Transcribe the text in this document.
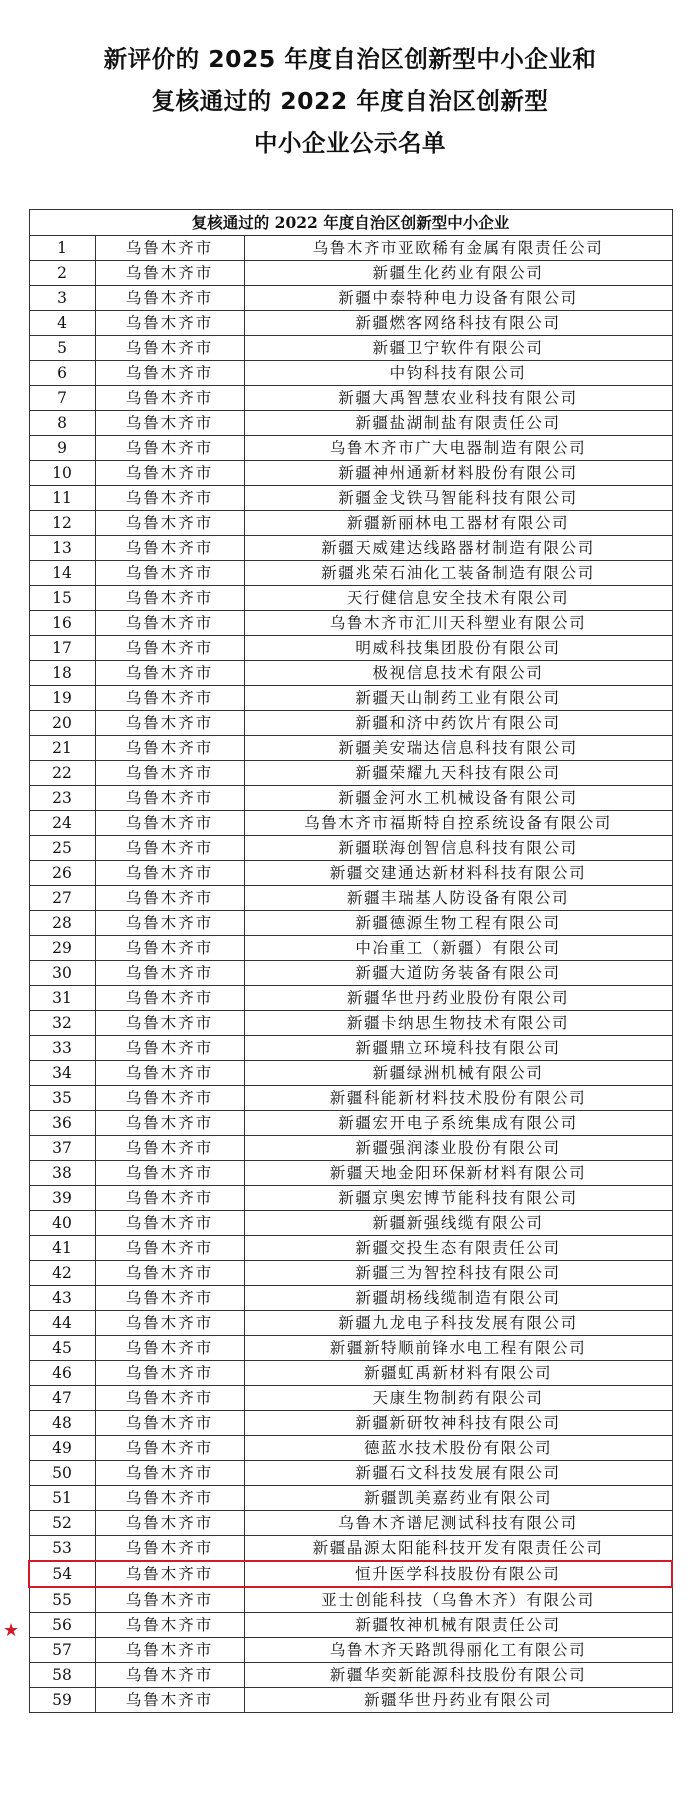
新评价的 2025 年度自治区创新型中小企业和
复核通过的 2022 年度自治区创新型
中小企业公示名单
复核通过的 2022 年度自治区创新型中小企业		
1	乌鲁木齐市	乌鲁木齐市亚欧稀有金属有限责任公司
2	乌鲁木齐市	新疆生化药业有限公司
3	乌鲁木齐市	新疆中泰特种电力设备有限公司
4	乌鲁木齐市	新疆燃客网络科技有限公司
5	乌鲁木齐市	新疆卫宁软件有限公司
6	乌鲁木齐市	中钧科技有限公司
7	乌鲁木齐市	新疆大禹智慧农业科技有限公司
8	乌鲁木齐市	新疆盐湖制盐有限责任公司
9	乌鲁木齐市	乌鲁木齐市广大电器制造有限公司
10	乌鲁木齐市	新疆神州通新材料股份有限公司
11	乌鲁木齐市	新疆金戈铁马智能科技有限公司
12	乌鲁木齐市	新疆新丽林电工器材有限公司
13	乌鲁木齐市	新疆天威建达线路器材制造有限公司
14	乌鲁木齐市	新疆兆荣石油化工装备制造有限公司
15	乌鲁木齐市	天行健信息安全技术有限公司
16	乌鲁木齐市	乌鲁木齐市汇川天科塑业有限公司
17	乌鲁木齐市	明威科技集团股份有限公司
18	乌鲁木齐市	极视信息技术有限公司
19	乌鲁木齐市	新疆天山制药工业有限公司
20	乌鲁木齐市	新疆和济中药饮片有限公司
21	乌鲁木齐市	新疆美安瑞达信息科技有限公司
22	乌鲁木齐市	新疆荣耀九天科技有限公司
23	乌鲁木齐市	新疆金河水工机械设备有限公司
24	乌鲁木齐市	乌鲁木齐市福斯特自控系统设备有限公司
25	乌鲁木齐市	新疆联海创智信息科技有限公司
26	乌鲁木齐市	新疆交建通达新材料科技有限公司
27	乌鲁木齐市	新疆丰瑞基人防设备有限公司
28	乌鲁木齐市	新疆德源生物工程有限公司
29	乌鲁木齐市	中冶重工（新疆）有限公司
30	乌鲁木齐市	新疆大道防务装备有限公司
31	乌鲁木齐市	新疆华世丹药业股份有限公司
32	乌鲁木齐市	新疆卡纳思生物技术有限公司
33	乌鲁木齐市	新疆鼎立环境科技有限公司
34	乌鲁木齐市	新疆绿洲机械有限公司
35	乌鲁木齐市	新疆科能新材料技术股份有限公司
36	乌鲁木齐市	新疆宏开电子系统集成有限公司
37	乌鲁木齐市	新疆强润漆业股份有限公司
38	乌鲁木齐市	新疆天地金阳环保新材料有限公司
39	乌鲁木齐市	新疆京奥宏博节能科技有限公司
40	乌鲁木齐市	新疆新强线缆有限公司
41	乌鲁木齐市	新疆交投生态有限责任公司
42	乌鲁木齐市	新疆三为智控科技有限公司
43	乌鲁木齐市	新疆胡杨线缆制造有限公司
44	乌鲁木齐市	新疆九龙电子科技发展有限公司
45	乌鲁木齐市	新疆新特顺前锋水电工程有限公司
46	乌鲁木齐市	新疆虹禹新材料有限公司
47	乌鲁木齐市	天康生物制药有限公司
48	乌鲁木齐市	新疆新研牧神科技有限公司
49	乌鲁木齐市	德蓝水技术股份有限公司
50	乌鲁木齐市	新疆石文科技发展有限公司
51	乌鲁木齐市	新疆凯美嘉药业有限公司
52	乌鲁木齐市	乌鲁木齐谱尼测试科技有限公司
53	乌鲁木齐市	新疆晶源太阳能科技开发有限责任公司
54	乌鲁木齐市	恒升医学科技股份有限公司
55	乌鲁木齐市	亚士创能科技（乌鲁木齐）有限公司
56	乌鲁木齐市	新疆牧神机械有限责任公司
57	乌鲁木齐市	乌鲁木齐天路凯得丽化工有限公司
58	乌鲁木齐市	新疆华奕新能源科技股份有限公司
59	乌鲁木齐市	新疆华世丹药业有限公司
★
